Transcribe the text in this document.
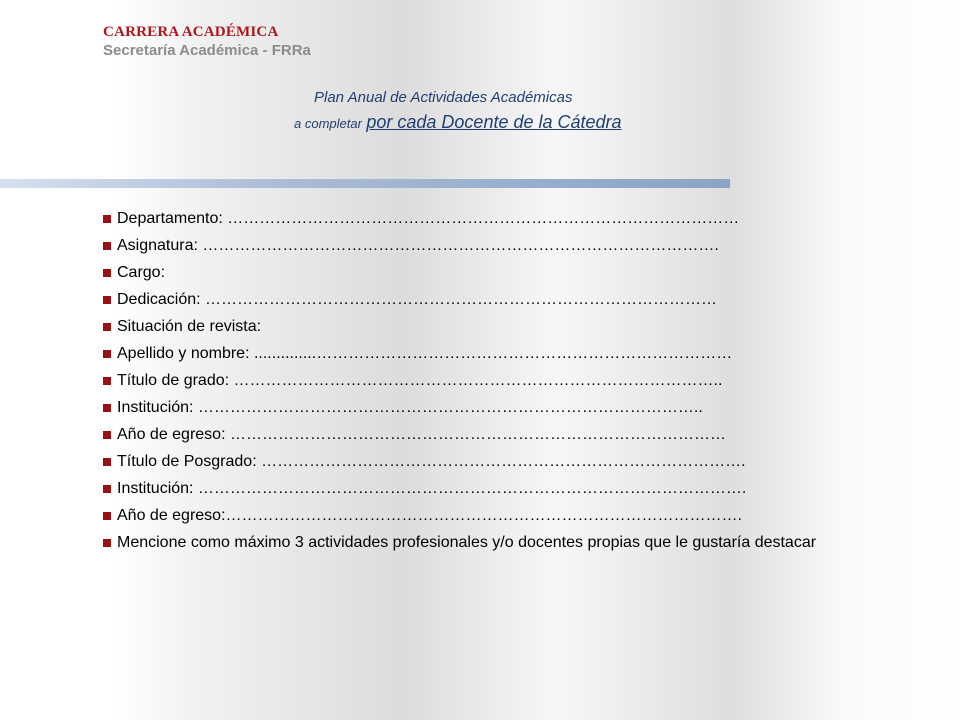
CARRERA ACADÉMICA
Secretaría Académica - FRRa
Plan Anual de Actividades Académicas
a completar por cada Docente de la Cátedra
Departamento: ……………………………………………………………………………………
Asignatura: …………………………………………………………………………………….
Cargo:
Dedicación: ……………………………………………………………………………………
Situación de revista:
Apellido y nombre: ..............……………………………………………………………………
Título de grado: ………………………………………………………………………………..
Institución: …………………………………………………………………………………..
Año de egreso: …………………………………………………………………………………
Título de Posgrado: ……………………………………………………………………………….
Institución: ………………………………………………………………………………………….
Año de egreso:…………………………………………………………………………………….
Mencione como máximo 3 actividades profesionales y/o docentes propias que le gustaría destacar
